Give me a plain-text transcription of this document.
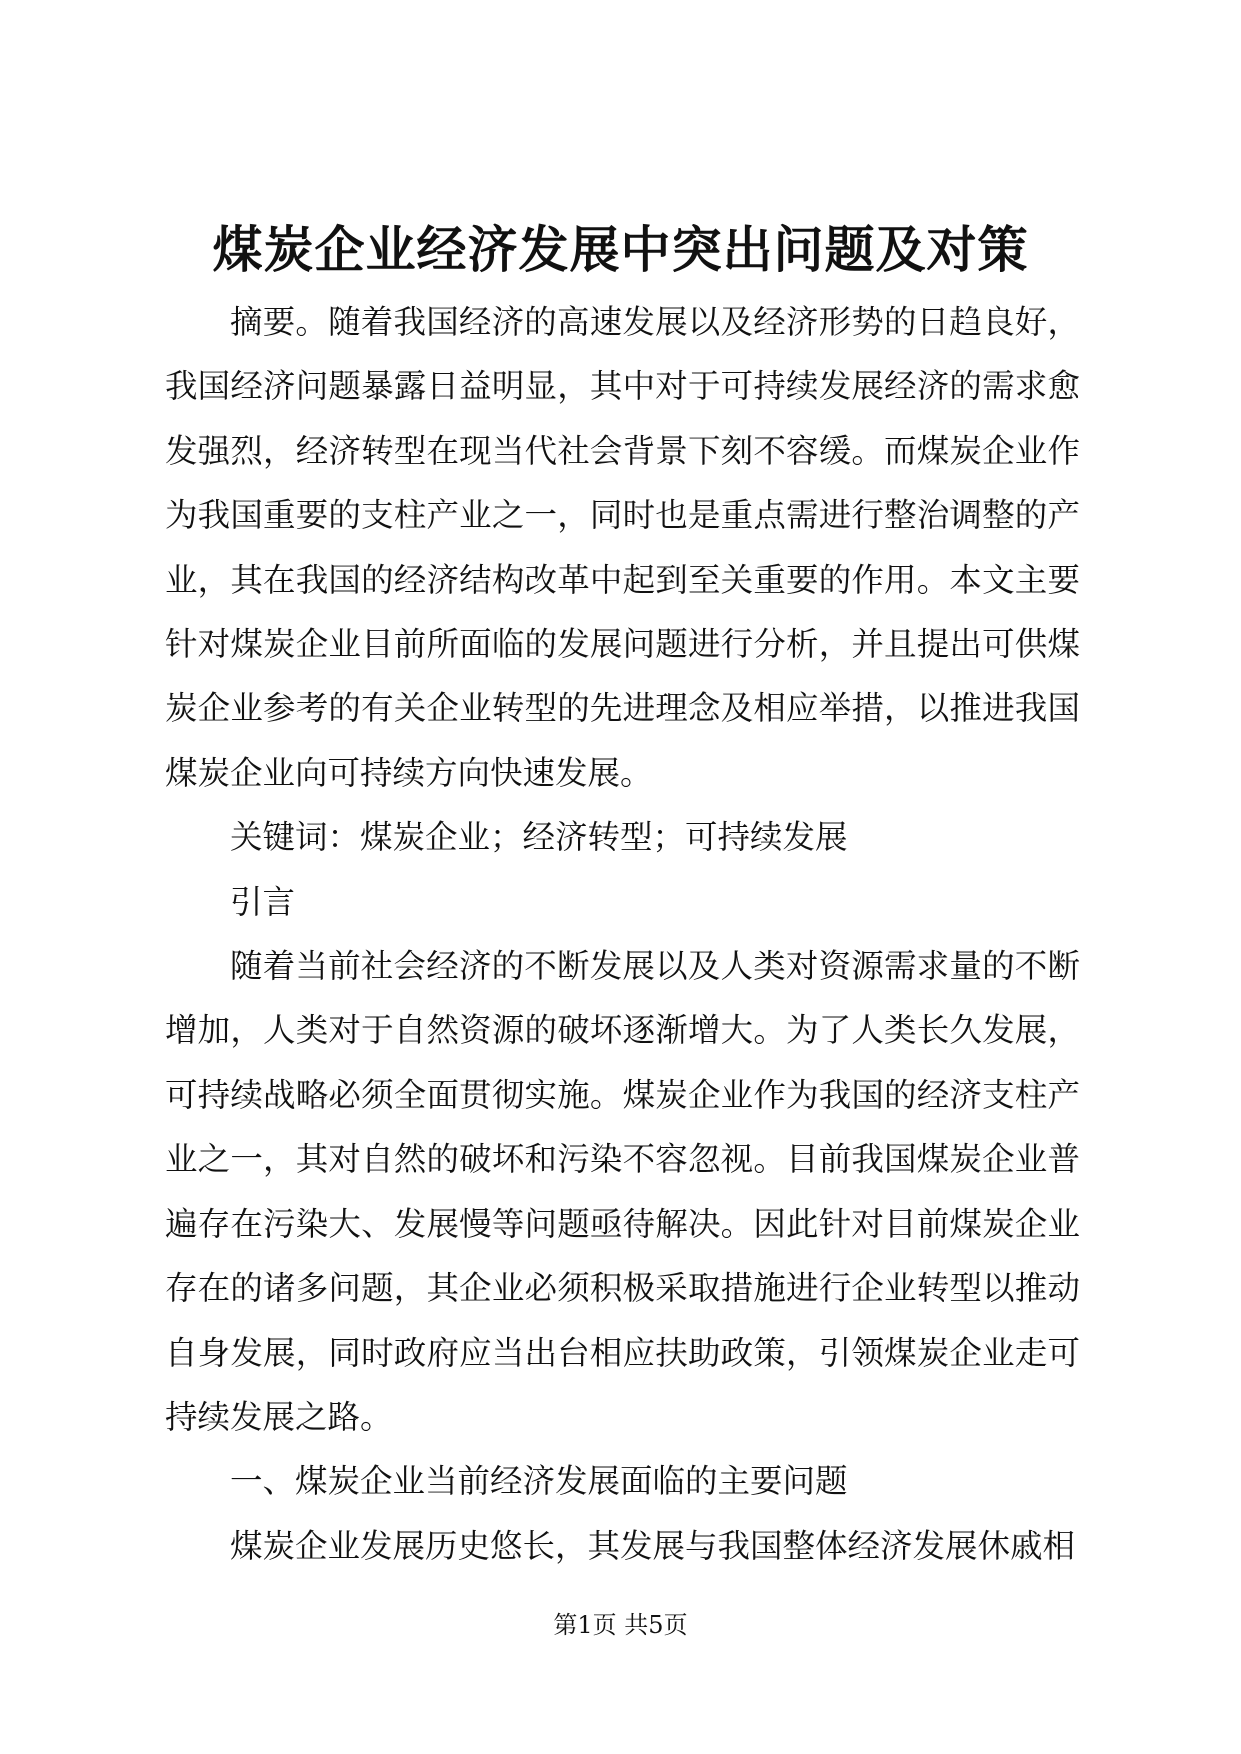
煤炭企业经济发展中突出问题及对策

摘要。随着我国经济的高速发展以及经济形势的日趋良好，我国经济问题暴露日益明显，其中对于可持续发展经济的需求愈发强烈，经济转型在现当代社会背景下刻不容缓。而煤炭企业作为我国重要的支柱产业之一，同时也是重点需进行整治调整的产业，其在我国的经济结构改革中起到至关重要的作用。本文主要针对煤炭企业目前所面临的发展问题进行分析，并且提出可供煤炭企业参考的有关企业转型的先进理念及相应举措，以推进我国煤炭企业向可持续方向快速发展。

关键词：煤炭企业；经济转型；可持续发展

引言

随着当前社会经济的不断发展以及人类对资源需求量的不断增加，人类对于自然资源的破坏逐渐增大。为了人类长久发展，可持续战略必须全面贯彻实施。煤炭企业作为我国的经济支柱产业之一，其对自然的破坏和污染不容忽视。目前我国煤炭企业普遍存在污染大、发展慢等问题亟待解决。因此针对目前煤炭企业存在的诸多问题，其企业必须积极采取措施进行企业转型以推动自身发展，同时政府应当出台相应扶助政策，引领煤炭企业走可持续发展之路。

一、煤炭企业当前经济发展面临的主要问题

煤炭企业发展历史悠长，其发展与我国整体经济发展休戚相

第1页 共5页
